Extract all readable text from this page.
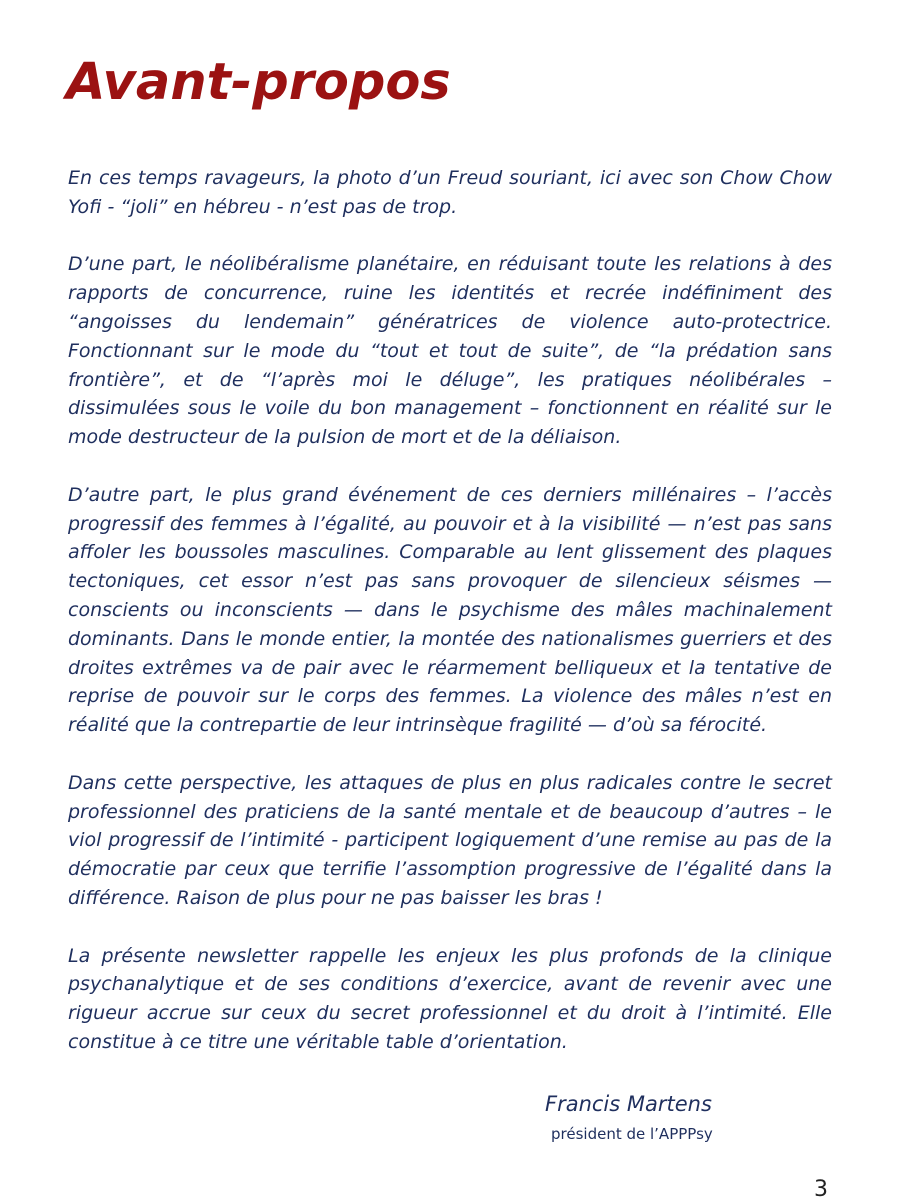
Avant-propos

En ces temps ravageurs, la photo d’un Freud souriant, ici avec son Chow Chow Yofi - “joli” en hébreu - n’est pas de trop.

D’une part, le néolibéralisme planétaire, en réduisant toute les relations à des rapports de concurrence, ruine les identités et recrée indéfiniment des “angoisses du lendemain” génératrices de violence auto-protectrice. Fonctionnant sur le mode du “tout et tout de suite”, de “la prédation sans frontière”, et de “l’après moi le déluge”, les pratiques néolibérales – dissimulées sous le voile du bon management – fonctionnent en réalité sur le mode destructeur de la pulsion de mort et de la déliaison.

D’autre part, le plus grand événement de ces derniers millénaires – l’accès progressif des femmes à l’égalité, au pouvoir et à la visibilité — n’est pas sans affoler les boussoles masculines. Comparable au lent glissement des plaques tectoniques, cet essor n’est pas sans provoquer de silencieux séismes — conscients ou inconscients — dans le psychisme des mâles machinalement dominants. Dans le monde entier, la montée des nationalismes guerriers et des droites extrêmes va de pair avec le réarmement belliqueux et la tentative de reprise de pouvoir sur le corps des femmes. La violence des mâles n’est en réalité que la contrepartie de leur intrinsèque fragilité — d’où sa férocité.

Dans cette perspective, les attaques de plus en plus radicales contre le secret professionnel des praticiens de la santé mentale et de beaucoup d’autres – le viol progressif de l’intimité - participent logiquement d’une remise au pas de la démocratie par ceux que terrifie l’assomption progressive de l’égalité dans la différence. Raison de plus pour ne pas baisser les bras !

La présente newsletter rappelle les enjeux les plus profonds de la clinique psychanalytique et de ses conditions d’exercice, avant de revenir avec une rigueur accrue sur ceux du secret professionnel et du droit à l’intimité. Elle constitue à ce titre une véritable table d’orientation.

Francis Martens
président de l’APPPsy
3
